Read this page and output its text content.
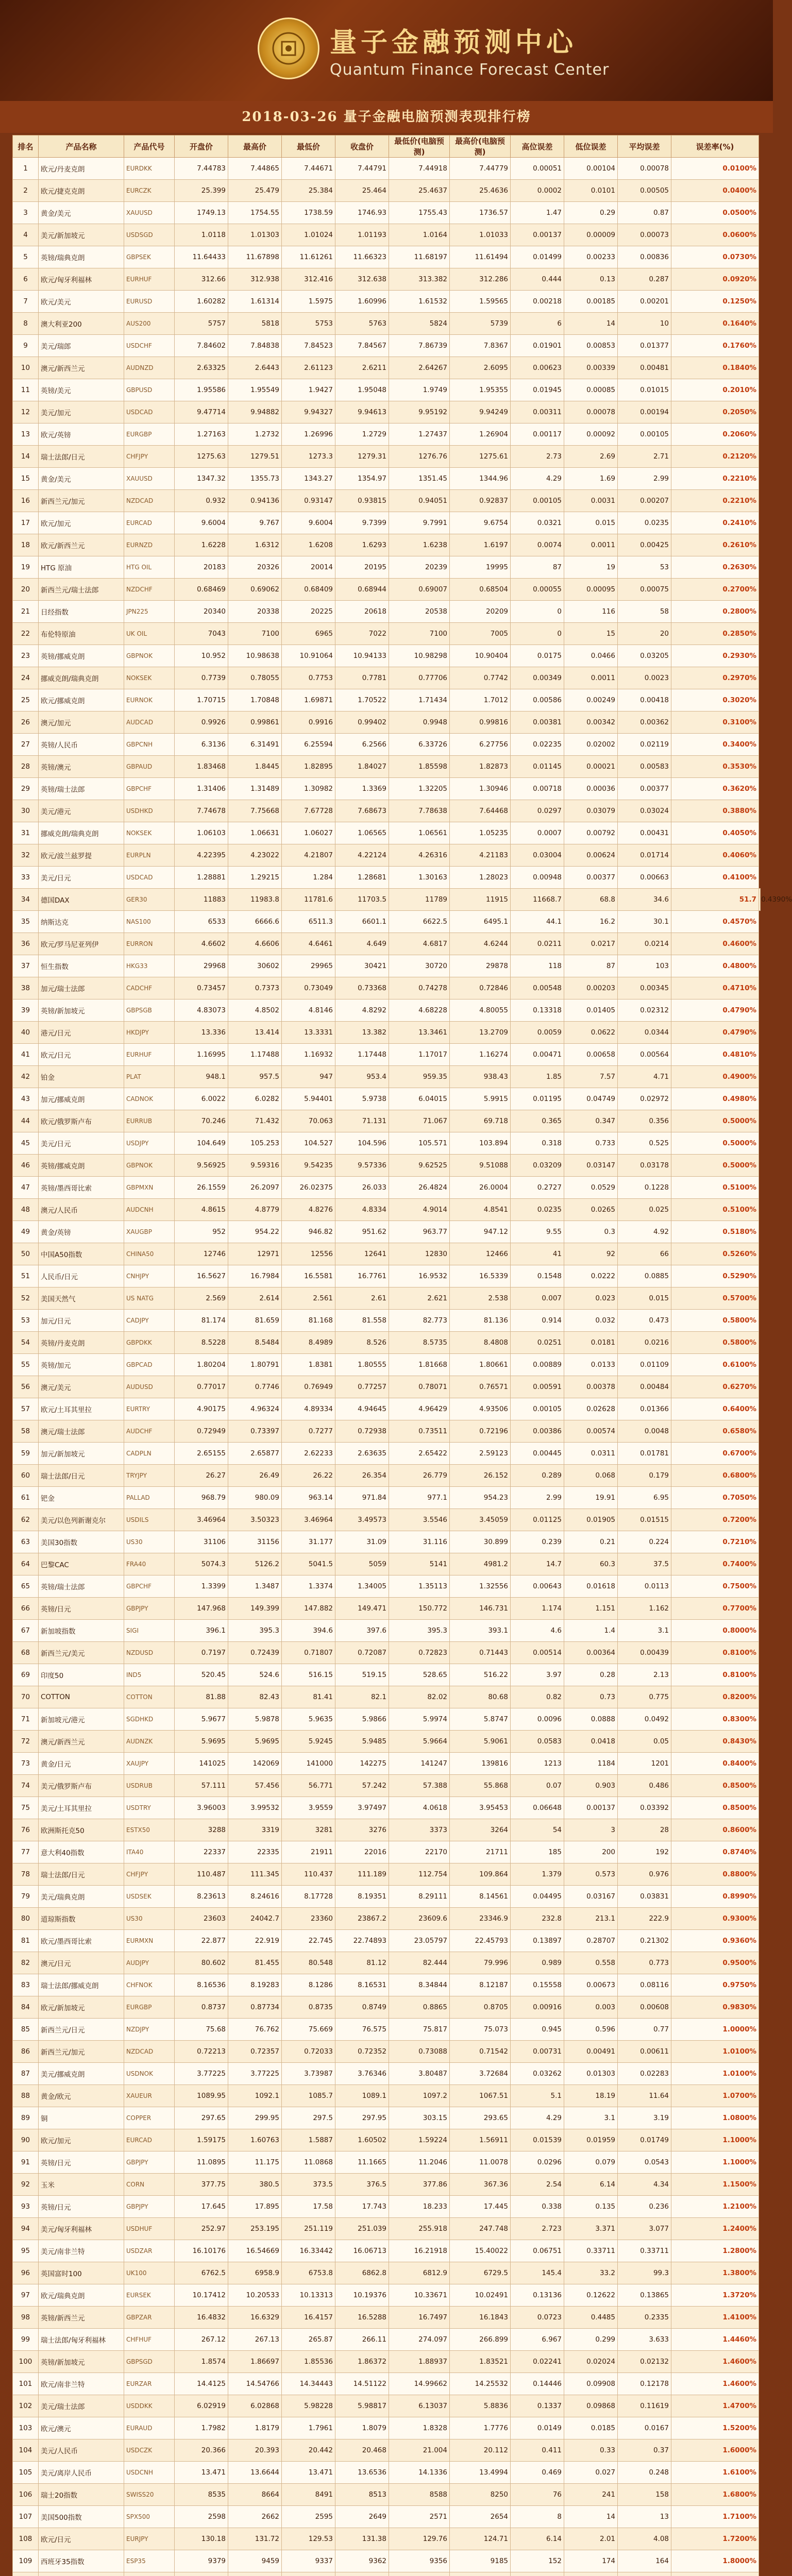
量子金融预测中心
Quantum Finance Forecast Center
2018-03-26 量子金融电脑预测表现排行榜
排名	产品名称	产品代号	开盘价	最高价	最低价	收盘价	最低价(电脑预测)	最高价(电脑预测)	高位误差	低位误差	平均误差	误差率(%)	
1	欧元/丹麦克朗	EURDKK	7.44783	7.44865	7.44671	7.44791	7.44918	7.44779	0.00051	0.00104	0.00078	0.0100%	
2	欧元/捷克克朗	EURCZK	25.399	25.479	25.384	25.464	25.4637	25.4636	0.0002	0.0101	0.00505	0.0400%	
3	黄金/美元	XAUUSD	1749.13	1754.55	1738.59	1746.93	1755.43	1736.57	1.47	0.29	0.87	0.0500%	
4	美元/新加坡元	USDSGD	1.0118	1.01303	1.01024	1.01193	1.0164	1.01033	0.00137	0.00009	0.00073	0.0600%	
5	英镑/瑞典克朗	GBPSEK	11.64433	11.67898	11.61261	11.66323	11.68197	11.61494	0.01499	0.00233	0.00836	0.0730%	
6	欧元/匈牙利福林	EURHUF	312.66	312.938	312.416	312.638	313.382	312.286	0.444	0.13	0.287	0.0920%	
7	欧元/美元	EURUSD	1.60282	1.61314	1.5975	1.60996	1.61532	1.59565	0.00218	0.00185	0.00201	0.1250%	
8	澳大利亚200	AUS200	5757	5818	5753	5763	5824	5739	6	14	10	0.1640%	
9	美元/瑞郎	USDCHF	7.84602	7.84838	7.84523	7.84567	7.86739	7.8367	0.01901	0.00853	0.01377	0.1760%	
10	澳元/新西兰元	AUDNZD	2.63325	2.6443	2.61123	2.6211	2.64267	2.6095	0.00623	0.00339	0.00481	0.1840%	
11	英镑/美元	GBPUSD	1.95586	1.95549	1.9427	1.95048	1.9749	1.95355	0.01945	0.00085	0.01015	0.2010%	
12	美元/加元	USDCAD	9.47714	9.94882	9.94327	9.94613	9.95192	9.94249	0.00311	0.00078	0.00194	0.2050%	
13	欧元/英镑	EURGBP	1.27163	1.2732	1.26996	1.2729	1.27437	1.26904	0.00117	0.00092	0.00105	0.2060%	
14	瑞士法郎/日元	CHFJPY	1275.63	1279.51	1273.3	1279.31	1276.76	1275.61	2.73	2.69	2.71	0.2120%	
15	黄金/美元	XAUUSD	1347.32	1355.73	1343.27	1354.97	1351.45	1344.96	4.29	1.69	2.99	0.2210%	
16	新西兰元/加元	NZDCAD	0.932	0.94136	0.93147	0.93815	0.94051	0.92837	0.00105	0.0031	0.00207	0.2210%	
17	欧元/加元	EURCAD	9.6004	9.767	9.6004	9.7399	9.7991	9.6754	0.0321	0.015	0.0235	0.2410%	
18	欧元/新西兰元	EURNZD	1.6228	1.6312	1.6208	1.6293	1.6238	1.6197	0.0074	0.0011	0.00425	0.2610%	
19	HTG 原油	HTG OIL	20183	20326	20014	20195	20239	19995	87	19	53	0.2630%	
20	新西兰元/瑞士法郎	NZDCHF	0.68469	0.69062	0.68409	0.68944	0.69007	0.68504	0.00055	0.00095	0.00075	0.2700%	
21	日经指数	JPN225	20340	20338	20225	20618	20538	20209	0	116	58	0.2800%	
22	布伦特原油	UK OIL	7043	7100	6965	7022	7100	7005	0	15	20	0.2850%	
23	英镑/挪威克朗	GBPNOK	10.952	10.98638	10.91064	10.94133	10.98298	10.90404	0.0175	0.0466	0.03205	0.2930%	
24	挪威克朗/瑞典克朗	NOKSEK	0.7739	0.78055	0.7753	0.7781	0.77706	0.7742	0.00349	0.0011	0.0023	0.2970%	
25	欧元/挪威克朗	EURNOK	1.70715	1.70848	1.69871	1.70522	1.71434	1.7012	0.00586	0.00249	0.00418	0.3020%	
26	澳元/加元	AUDCAD	0.9926	0.99861	0.9916	0.99402	0.9948	0.99816	0.00381	0.00342	0.00362	0.3100%	
27	英镑/人民币	GBPCNH	6.3136	6.31491	6.25594	6.2566	6.33726	6.27756	0.02235	0.02002	0.02119	0.3400%	
28	英镑/澳元	GBPAUD	1.83468	1.8445	1.82895	1.84027	1.85598	1.82873	0.01145	0.00021	0.00583	0.3530%	
29	英镑/瑞士法郎	GBPCHF	1.31406	1.31489	1.30982	1.3369	1.32205	1.30946	0.00718	0.00036	0.00377	0.3620%	
30	美元/港元	USDHKD	7.74678	7.75668	7.67728	7.68673	7.78638	7.64468	0.0297	0.03079	0.03024	0.3880%	
31	挪威克朗/瑞典克朗	NOKSEK	1.06103	1.06631	1.06027	1.06565	1.06561	1.05235	0.0007	0.00792	0.00431	0.4050%	
32	欧元/波兰兹罗提	EURPLN	4.22395	4.23022	4.21807	4.22124	4.26316	4.21183	0.03004	0.00624	0.01714	0.4060%	
33	美元/日元	USDCAD	1.28881	1.29215	1.284	1.28681	1.30163	1.28023	0.00948	0.00377	0.00663	0.4100%	
34	德国DAX	GER30	11883	11983.8	11781.6	11703.5	11789	11915	11668.7	68.8	34.6	51.7	0.4390%
35	纳斯达克	NAS100	6533	6666.6	6511.3	6601.1	6622.5	6495.1	44.1	16.2	30.1	0.4570%	
36	欧元/罗马尼亚列伊	EURRON	4.6602	4.6606	4.6461	4.649	4.6817	4.6244	0.0211	0.0217	0.0214	0.4600%	
37	恒生指数	HKG33	29968	30602	29965	30421	30720	29878	118	87	103	0.4800%	
38	加元/瑞士法郎	CADCHF	0.73457	0.7373	0.73049	0.73368	0.74278	0.72846	0.00548	0.00203	0.00345	0.4710%	
39	英镑/新加坡元	GBPSGB	4.83073	4.8502	4.8146	4.8292	4.68228	4.80055	0.13318	0.01405	0.02312	0.4790%	
40	港元/日元	HKDJPY	13.336	13.414	13.3331	13.382	13.3461	13.2709	0.0059	0.0622	0.0344	0.4790%	
41	欧元/日元	EURHUF	1.16995	1.17488	1.16932	1.17448	1.17017	1.16274	0.00471	0.00658	0.00564	0.4810%	
42	铂金	PLAT	948.1	957.5	947	953.4	959.35	938.43	1.85	7.57	4.71	0.4900%	
43	加元/挪威克朗	CADNOK	6.0022	6.0282	5.94401	5.9738	6.04015	5.9915	0.01195	0.04749	0.02972	0.4980%	
44	欧元/俄罗斯卢布	EURRUB	70.246	71.432	70.063	71.131	71.067	69.718	0.365	0.347	0.356	0.5000%	
45	美元/日元	USDJPY	104.649	105.253	104.527	104.596	105.571	103.894	0.318	0.733	0.525	0.5000%	
46	英镑/挪威克朗	GBPNOK	9.56925	9.59316	9.54235	9.57336	9.62525	9.51088	0.03209	0.03147	0.03178	0.5000%	
47	英镑/墨西哥比索	GBPMXN	26.1559	26.2097	26.02375	26.033	26.4824	26.0004	0.2727	0.0529	0.1228	0.5100%	
48	澳元/人民币	AUDCNH	4.8615	4.8779	4.8276	4.8334	4.9014	4.8541	0.0235	0.0265	0.025	0.5100%	
49	黄金/英镑	XAUGBP	952	954.22	946.82	951.62	963.77	947.12	9.55	0.3	4.92	0.5180%	
50	中国A50指数	CHINA50	12746	12971	12556	12641	12830	12466	41	92	66	0.5260%	
51	人民币/日元	CNHJPY	16.5627	16.7984	16.5581	16.7761	16.9532	16.5339	0.1548	0.0222	0.0885	0.5290%	
52	美国天然气	US NATG	2.569	2.614	2.561	2.61	2.621	2.538	0.007	0.023	0.015	0.5700%	
53	加元/日元	CADJPY	81.174	81.659	81.168	81.558	82.773	81.136	0.914	0.032	0.473	0.5800%	
54	英镑/丹麦克朗	GBPDKK	8.5228	8.5484	8.4989	8.526	8.5735	8.4808	0.0251	0.0181	0.0216	0.5800%	
55	英镑/加元	GBPCAD	1.80204	1.80791	1.8381	1.80555	1.81668	1.80661	0.00889	0.0133	0.01109	0.6100%	
56	澳元/美元	AUDUSD	0.77017	0.7746	0.76949	0.77257	0.78071	0.76571	0.00591	0.00378	0.00484	0.6270%	
57	欧元/土耳其里拉	EURTRY	4.90175	4.96324	4.89334	4.94645	4.96429	4.93506	0.00105	0.02628	0.01366	0.6400%	
58	澳元/瑞士法郎	AUDCHF	0.72949	0.73397	0.7277	0.72938	0.73511	0.72196	0.00386	0.00574	0.0048	0.6580%	
59	加元/新加坡元	CADPLN	2.65155	2.65877	2.62233	2.63635	2.65422	2.59123	0.00445	0.0311	0.01781	0.6700%	
60	瑞士法郎/日元	TRYJPY	26.27	26.49	26.22	26.354	26.779	26.152	0.289	0.068	0.179	0.6800%	
61	钯金	PALLAD	968.79	980.09	963.14	971.84	977.1	954.23	2.99	19.91	6.95	0.7050%	
62	美元/以色列新谢克尔	USDILS	3.46964	3.50323	3.46964	3.49573	3.5546	3.45059	0.01125	0.01905	0.01515	0.7200%	
63	美国30指数	US30	31106	31156	31.177	31.09	31.116	30.899	0.239	0.21	0.224	0.7210%	
64	巴黎CAC	FRA40	5074.3	5126.2	5041.5	5059	5141	4981.2	14.7	60.3	37.5	0.7400%	
65	英镑/瑞士法郎	GBPCHF	1.3399	1.3487	1.3374	1.34005	1.35113	1.32556	0.00643	0.01618	0.0113	0.7500%	
66	英镑/日元	GBPJPY	147.968	149.399	147.882	149.471	150.772	146.731	1.174	1.151	1.162	0.7700%	
67	新加坡指数	SIGI	396.1	395.3	394.6	397.6	395.3	393.1	4.6	1.4	3.1	0.8000%	
68	新西兰元/美元	NZDUSD	0.7197	0.72439	0.71807	0.72087	0.72823	0.71443	0.00514	0.00364	0.00439	0.8100%	
69	印度50	IND5	520.45	524.6	516.15	519.15	528.65	516.22	3.97	0.28	2.13	0.8100%	
70	COTTON	COTTON	81.88	82.43	81.41	82.1	82.02	80.68	0.82	0.73	0.775	0.8200%	
71	新加坡元/港元	SGDHKD	5.9677	5.9878	5.9635	5.9866	5.9974	5.8747	0.0096	0.0888	0.0492	0.8300%	
72	澳元/新西兰元	AUDNZK	5.9695	5.9695	5.9245	5.9485	5.9664	5.9061	0.0583	0.0418	0.05	0.8430%	
73	黄金/日元	XAUJPY	141025	142069	141000	142275	141247	139816	1213	1184	1201	0.8400%	
74	美元/俄罗斯卢布	USDRUB	57.111	57.456	56.771	57.242	57.388	55.868	0.07	0.903	0.486	0.8500%	
75	美元/土耳其里拉	USDTRY	3.96003	3.99532	3.9559	3.97497	4.0618	3.95453	0.06648	0.00137	0.03392	0.8500%	
76	欧洲斯托克50	ESTX50	3288	3319	3281	3276	3373	3264	54	3	28	0.8600%	
77	意大利40指数	ITA40	22337	22335	21911	22016	22170	21711	185	200	192	0.8740%	
78	瑞士法郎/日元	CHFJPY	110.487	111.345	110.437	111.189	112.754	109.864	1.379	0.573	0.976	0.8800%	
79	美元/瑞典克朗	USDSEK	8.23613	8.24616	8.17728	8.19351	8.29111	8.14561	0.04495	0.03167	0.03831	0.8990%	
80	道琼斯指数	US30	23603	24042.7	23360	23867.2	23609.6	23346.9	232.8	213.1	222.9	0.9300%	
81	欧元/墨西哥比索	EURMXN	22.877	22.919	22.745	22.74893	23.05797	22.45793	0.13897	0.28707	0.21302	0.9360%	
82	澳元/日元	AUDJPY	80.602	81.455	80.548	81.12	82.444	79.996	0.989	0.558	0.773	0.9500%	
83	瑞士法郎/挪威克朗	CHFNOK	8.16536	8.19283	8.1286	8.16531	8.34844	8.12187	0.15558	0.00673	0.08116	0.9750%	
84	欧元/新加坡元	EURGBP	0.8737	0.87734	0.8735	0.8749	0.8865	0.8705	0.00916	0.003	0.00608	0.9830%	
85	新西兰元/日元	NZDJPY	75.68	76.762	75.669	76.575	75.817	75.073	0.945	0.596	0.77	1.0000%	
86	新西兰元/加元	NZDCAD	0.72213	0.72357	0.72033	0.72352	0.73088	0.71542	0.00731	0.00491	0.00611	1.0100%	
87	美元/挪威克朗	USDNOK	3.77225	3.77225	3.73987	3.76346	3.80487	3.72684	0.03262	0.01303	0.02283	1.0100%	
88	黄金/欧元	XAUEUR	1089.95	1092.1	1085.7	1089.1	1097.2	1067.51	5.1	18.19	11.64	1.0700%	
89	铜	COPPER	297.65	299.95	297.5	297.95	303.15	293.65	4.29	3.1	3.19	1.0800%	
90	欧元/加元	EURCAD	1.59175	1.60763	1.5887	1.60502	1.59224	1.56911	0.01539	0.01959	0.01749	1.1000%	
91	英镑/日元	GBPJPY	11.0895	11.175	11.0868	11.1665	11.2046	11.0078	0.0296	0.079	0.0543	1.1000%	
92	玉米	CORN	377.75	380.5	373.5	376.5	377.86	367.36	2.54	6.14	4.34	1.1500%	
93	英镑/日元	GBPJPY	17.645	17.895	17.58	17.743	18.233	17.445	0.338	0.135	0.236	1.2100%	
94	美元/匈牙利福林	USDHUF	252.97	253.195	251.119	251.039	255.918	247.748	2.723	3.371	3.077	1.2400%	
95	美元/南非兰特	USDZAR	16.10176	16.54669	16.33442	16.06713	16.21918	15.40022	0.06751	0.33711	0.33711	1.2800%	
96	英国富时100	UK100	6762.5	6958.9	6753.8	6862.8	6812.9	6729.5	145.4	33.2	99.3	1.3800%	
97	欧元/瑞典克朗	EURSEK	10.17412	10.20533	10.13313	10.19376	10.33671	10.02491	0.13136	0.12622	0.13865	1.3720%	
98	英镑/新西兰元	GBPZAR	16.4832	16.6329	16.4157	16.5288	16.7497	16.1843	0.0723	0.4485	0.2335	1.4100%	
99	瑞士法郎/匈牙利福林	CHFHUF	267.12	267.13	265.87	266.11	274.097	266.899	6.967	0.299	3.633	1.4460%	
100	英镑/新加坡元	GBPSGD	1.8574	1.86697	1.85536	1.86372	1.88937	1.83521	0.02241	0.02024	0.02132	1.4600%	
101	欧元/南非兰特	EURZAR	14.4125	14.54766	14.34443	14.51122	14.99662	14.25532	0.14446	0.09908	0.12178	1.4600%	
102	美元/瑞士法郎	USDDKK	6.02919	6.02868	5.98228	5.98817	6.13037	5.8836	0.1337	0.09868	0.11619	1.4700%	
103	欧元/澳元	EURAUD	1.7982	1.8179	1.7961	1.8079	1.8328	1.7776	0.0149	0.0185	0.0167	1.5200%	
104	美元/人民币	USDCZK	20.366	20.393	20.442	20.468	21.004	20.112	0.411	0.33	0.37	1.6000%	
105	美元/离岸人民币	USDCNH	13.471	13.6644	13.471	13.6536	14.1336	13.4994	0.469	0.027	0.248	1.6100%	
106	瑞士20指数	SWISS20	8535	8664	8491	8513	8588	8250	76	241	158	1.6800%	
107	美国500指数	SPX500	2598	2662	2595	2649	2571	2654	8	14	13	1.7100%	
108	欧元/日元	EURJPY	130.18	131.72	129.53	131.38	129.76	124.71	6.14	2.01	4.08	1.7200%	
109	西班牙35指数	ESP35	9379	9459	9337	9362	9356	9185	152	174	164	1.8000%	
